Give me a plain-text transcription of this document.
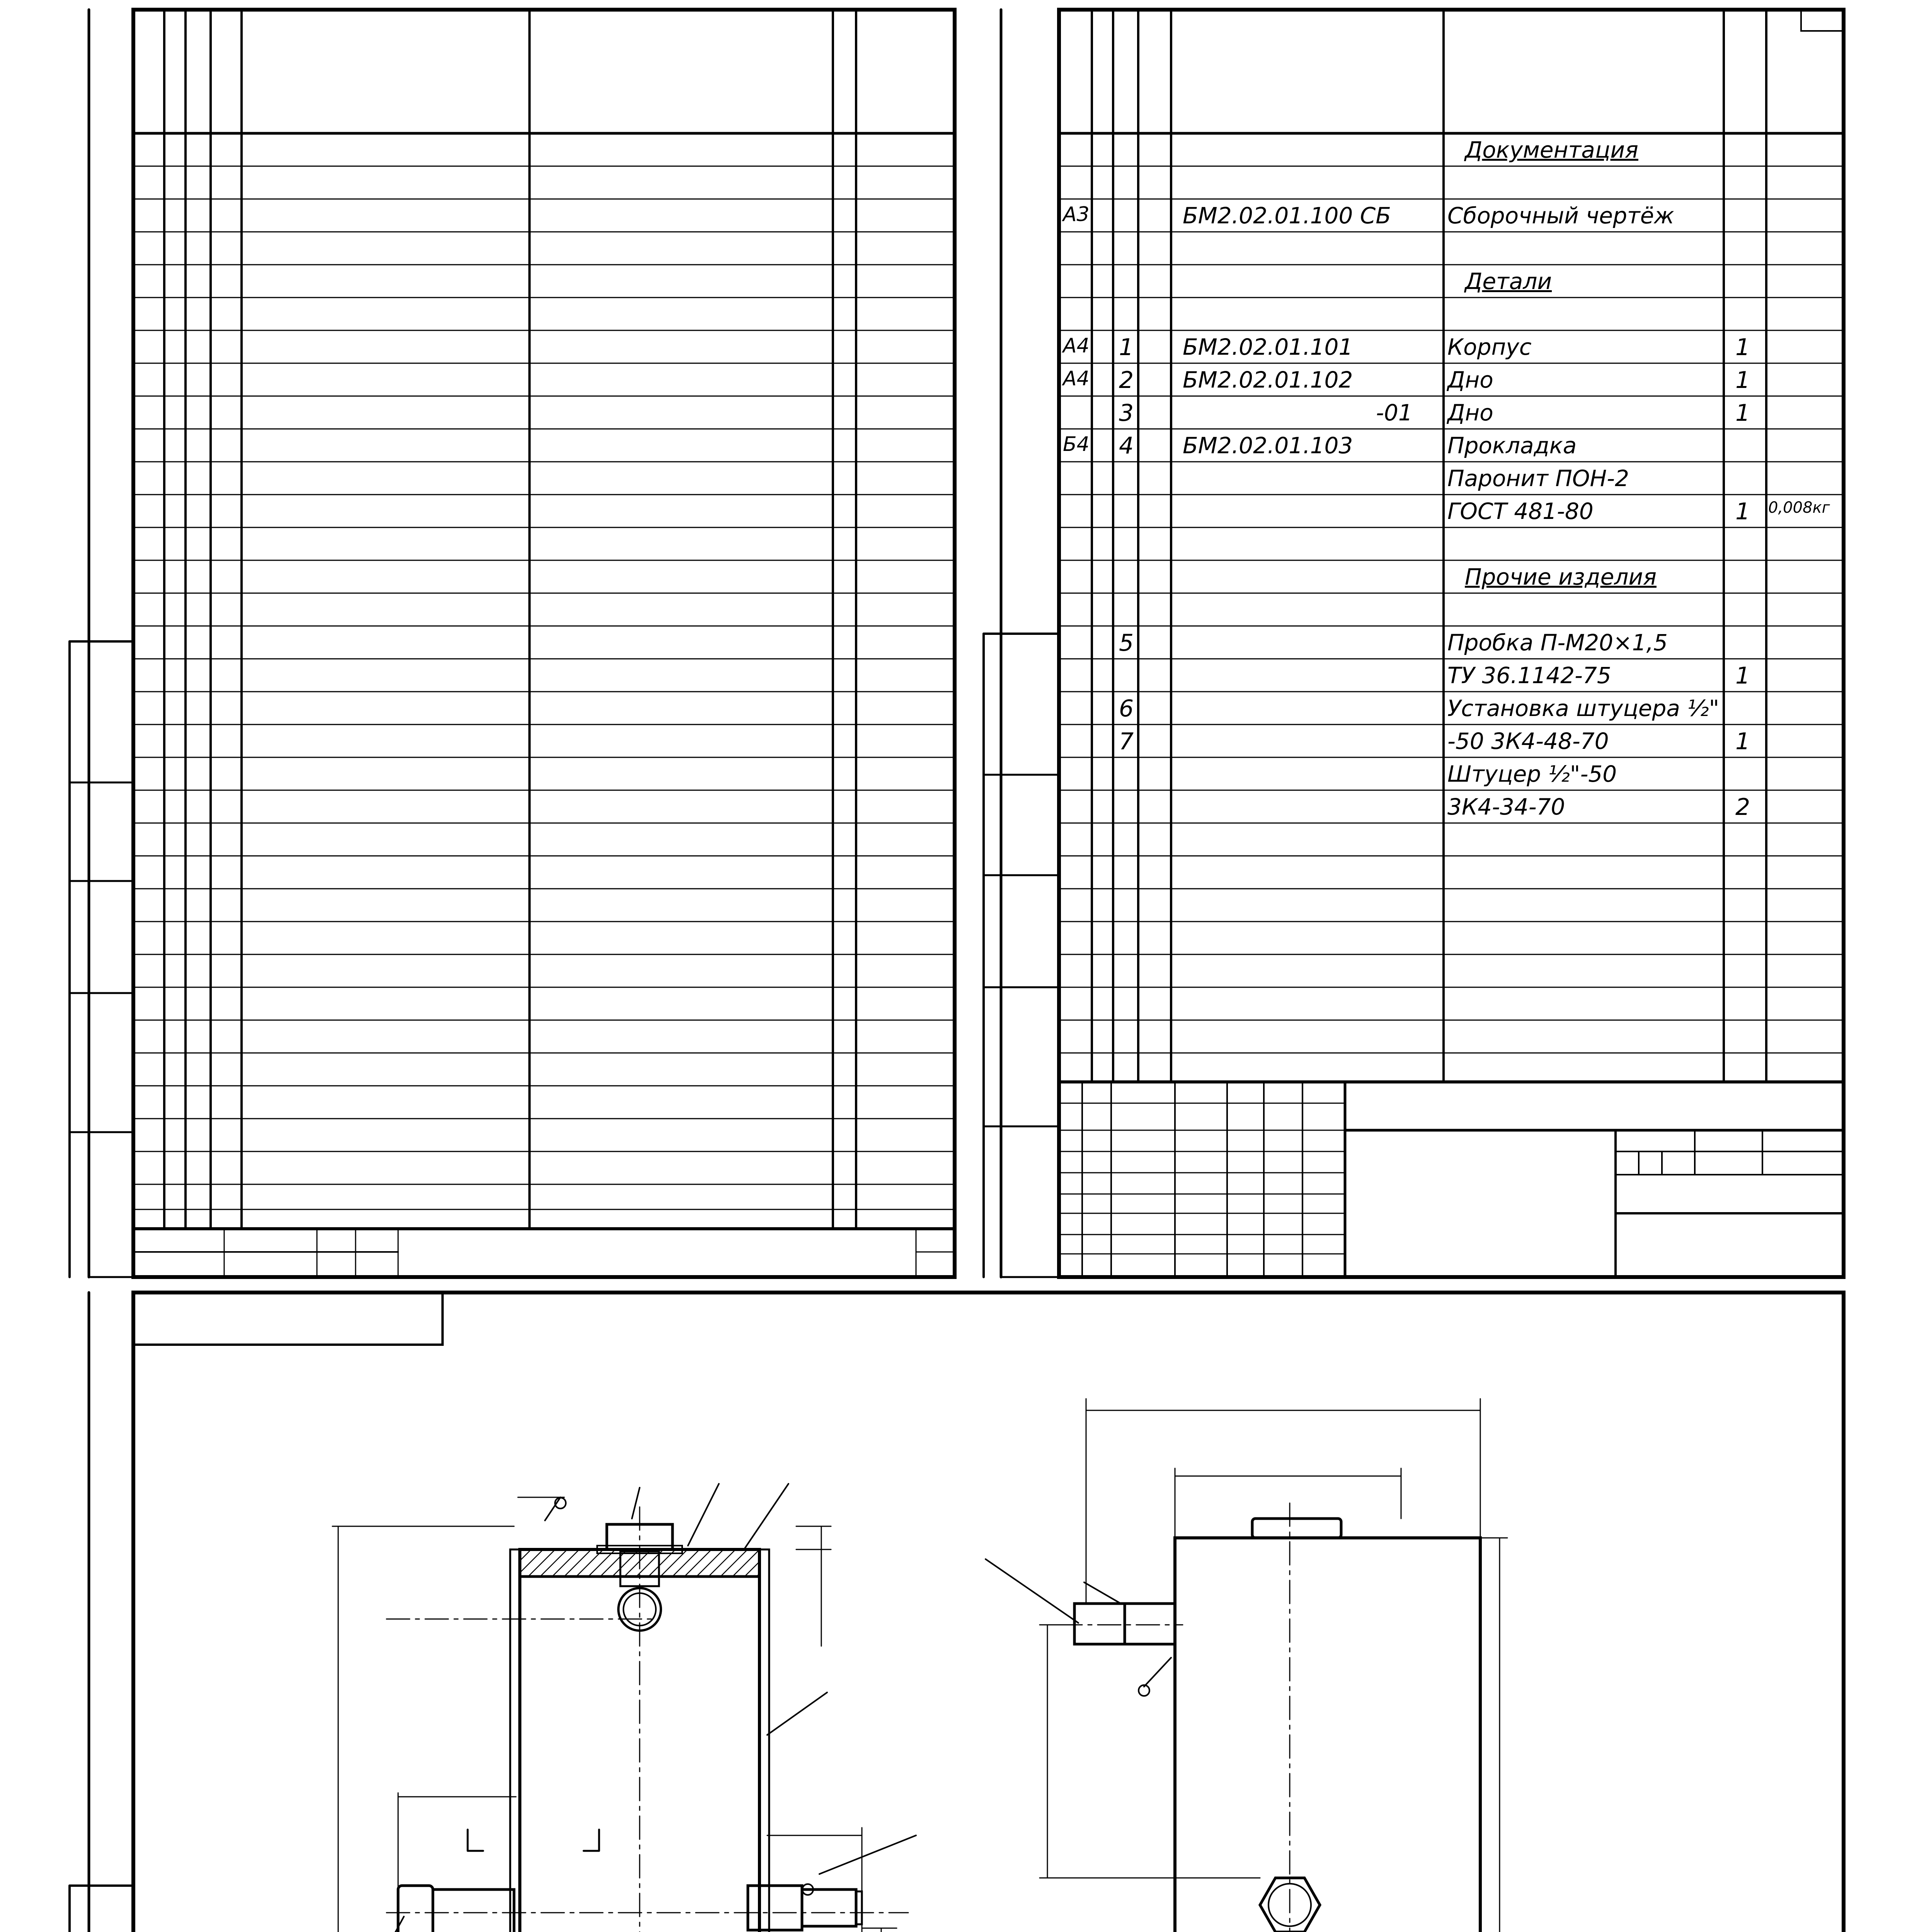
Документация
А3	БМ2.02.01.100 СБ	Сборочный чертёж
Детали
А4 1 БМ2.02.01.101	Корпус	1
А4 2 БМ2.02.01.102	Дно	1
3	-01 Дно	1
Б4 4 БМ2.02.01.103	Прокладка
Паронит ПОН-2
ГОСТ 481-80	1 0,008кг
Прочие изделия
5	Пробка П-М20×1,5
ТУ 36.1142-75	1
6	Установка штуцера ½"
7	-50 3К4-48-70	1
Штуцер ½"-50
3К4-34-70	2
